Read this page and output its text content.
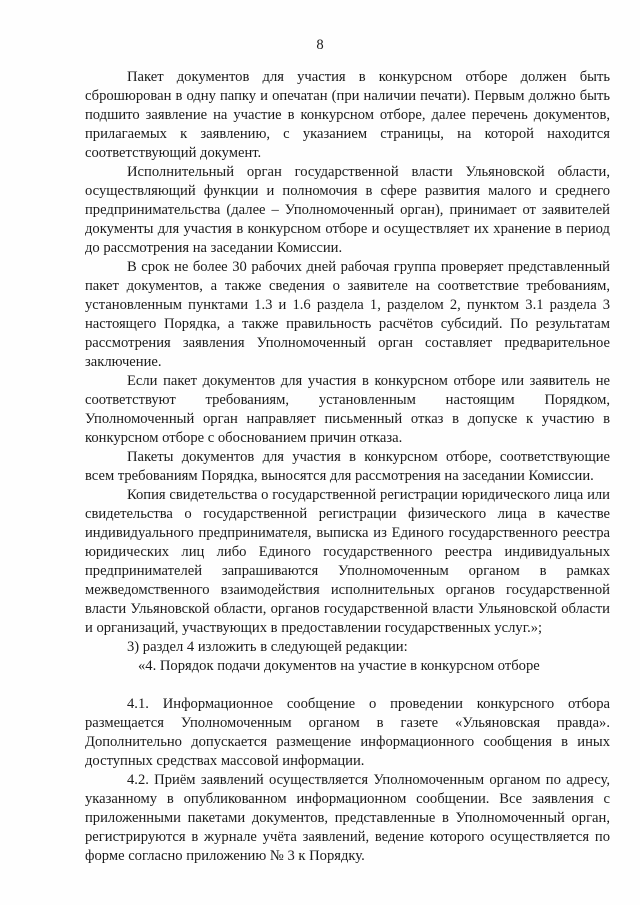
8

Пакет документов для участия в конкурсном отборе должен быть сброшюрован в одну папку и опечатан (при наличии печати). Первым должно быть подшито заявление на участие в конкурсном отборе, далее перечень документов, прилагаемых к заявлению, с указанием страницы, на которой находится соответствующий документ.

Исполнительный орган государственной власти Ульяновской области, осуществляющий функции и полномочия в сфере развития малого и среднего предпринимательства (далее – Уполномоченный орган), принимает от заявителей документы для участия в конкурсном отборе и осуществляет их хранение в период до рассмотрения на заседании Комиссии.

В срок не более 30 рабочих дней рабочая группа проверяет представленный пакет документов, а также сведения о заявителе на соответствие требованиям, установленным пунктами 1.3 и 1.6 раздела 1, разделом 2, пунктом 3.1 раздела 3 настоящего Порядка, а также правильность расчётов субсидий. По результатам рассмотрения заявления Уполномоченный орган составляет предварительное заключение.

Если пакет документов для участия в конкурсном отборе или заявитель не соответствуют требованиям, установленным настоящим Порядком, Уполномоченный орган направляет письменный отказ в допуске к участию в конкурсном отборе с обоснованием причин отказа.

Пакеты документов для участия в конкурсном отборе, соответствующие всем требованиям Порядка, выносятся для рассмотрения на заседании Комиссии.

Копия свидетельства о государственной регистрации юридического лица или свидетельства о государственной регистрации физического лица в качестве индивидуального предпринимателя, выписка из Единого государственного реестра юридических лиц либо Единого государственного реестра индивидуальных предпринимателей запрашиваются Уполномоченным органом в рамках межведомственного взаимодействия исполнительных органов государственной власти Ульяновской области, органов государственной власти Ульяновской области и организаций, участвующих в предоставлении государственных услуг.»;

3) раздел 4 изложить в следующей редакции:

«4. Порядок подачи документов на участие в конкурсном отборе

4.1. Информационное сообщение о проведении конкурсного отбора размещается Уполномоченным органом в газете «Ульяновская правда». Дополнительно допускается размещение информационного сообщения в иных доступных средствах массовой информации.

4.2. Приём заявлений осуществляется Уполномоченным органом по адресу, указанному в опубликованном информационном сообщении. Все заявления с приложенными пакетами документов, представленные в Уполномоченный орган, регистрируются в журнале учёта заявлений, ведение которого осуществляется по форме согласно приложению № 3 к Порядку.
